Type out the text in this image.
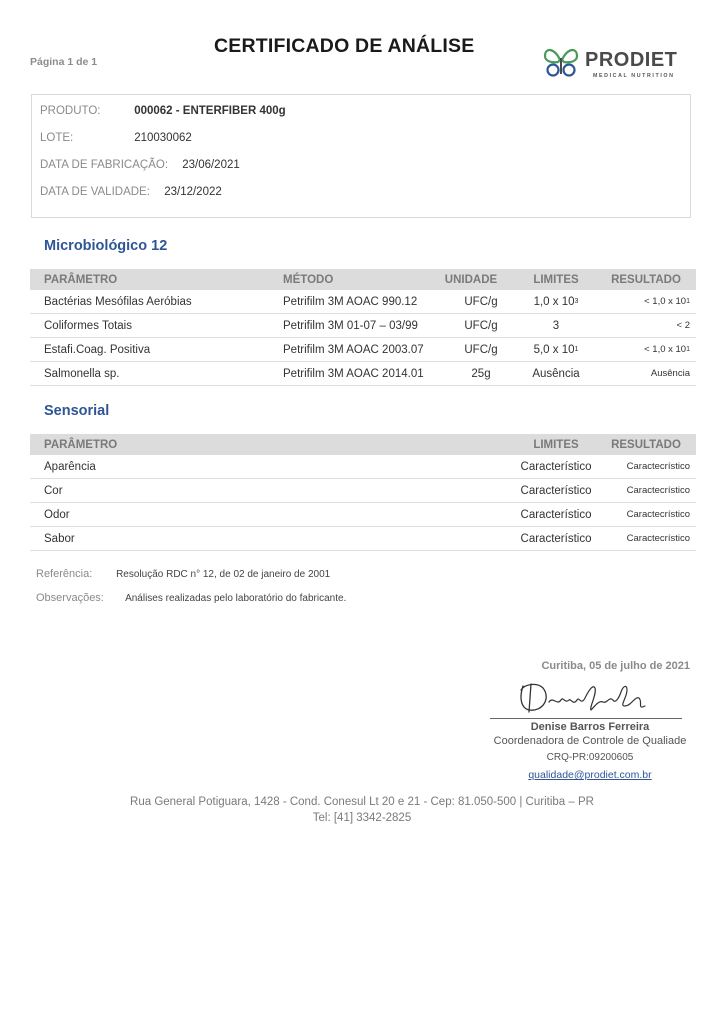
Página 1 de 1
CERTIFICADO DE ANÁLISE
PRODIET
MEDICAL NUTRITION
PRODUTO:	000062 - ENTERFIBER 400g
LOTE:	210030062
DATA DE FABRICAÇÃO: 23/06/2021
DATA DE VALIDADE: 23/12/2022
Microbiológico 12
PARÂMETRO	MÉTODO	UNIDADE	LIMITES	RESULTADO
Bactérias Mesófilas Aeróbias	Petrifilm 3M AOAC 990.12	UFC/g	1,0 x 10 3	< 1,0 x 10 1
Coliformes Totais	Petrifilm 3M 01-07 – 03/99	UFC/g	3	< 2
Estafi.Coag. Positiva	Petrifilm 3M AOAC 2003.07	UFC/g	5,0 x 10 1	< 1,0 x 10 1
Salmonella sp.	Petrifilm 3M AOAC 2014.01	25g	Ausência	Ausência
Sensorial
PARÂMETRO	LIMITES	RESULTADO
Aparência	Característico	Caractecrístico
Cor	Característico	Caractecrístico
Odor	Característico	Caractecrístico
Sabor	Característico	Caractecrístico
Referência: Resolução RDC n° 12, de 02 de janeiro de 2001
Observações: Análises realizadas pelo laboratório do fabricante.
Curitiba, 05 de julho de 2021
Denise Barros Ferreira
Coordenadora de Controle de Qualiade
CRQ-PR:09200605
qualidade@prodiet.com.br
Rua General Potiguara, 1428 - Cond. Conesul Lt 20 e 21 - Cep: 81.050-500 | Curitiba – PR
Tel: [41] 3342-2825
